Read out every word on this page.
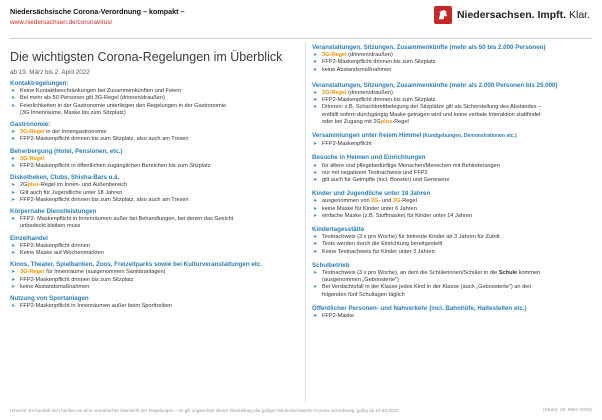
Niedersächsische Corona-Verordnung – kompakt –
www.niedersachsen.de/coronavirus/
Niedersachsen. Impft. Klar.
Die wichtigsten Corona-Regelungen im Überblick
ab 19. März bis 2. April 2022
Kontaktregelungen:
➤ Keine Kontaktbeschränkungen bei Zusammenkünften und Feiern
➤ Bei mehr als 50 Personen gilt 3G-Regel (drinnen/draußen)
➤ Feierlichkeiten in der Gastronomie unterliegen den Regelungen in der Gastronomie
(3G Innenräume, Maske bis zum Sitzplatz)
Gastronomie:
➤ 3G-Regel in der Innengastronomie
➤ FFP2-Maskenpflicht drinnen bis zum Sitzplatz, also auch am Tresen
Beherbergung (Hotel, Pensionen, etc.)
➤ 3G-Regel
➤ FFP2-Maskenpflicht in öffentlichen zugänglichen Bereichen bis zum Sitzplatz
Diskotheken, Clubs, Shisha-Bars u.ä.
➤ 2Gplus-Regel im Innen- und Außenbereich
➤ Gilt auch für Jugendliche unter 18 Jahren
➤ FFP2-Maskenpflicht drinnen bis zum Sitzplatz, also auch am Tresen
Körpernahe Dienstleistungen
➤ FFP2- Maskenpflicht in Innenräumen außer bei Behandlungen, bei denen das Gesicht
unbedeckt bleiben muss
Einzelhandel
➤ FFP2-Maskenpflicht drinnen
➤ Keine Maske auf Wochenmärkten
Kinos, Theater, Spielbanken, Zoos, Freizeitparks sowie bei Kulturveranstaltungen etc.
➤ 3G-Regel für Innenräume (ausgenommen Sanitäranlagen)
➤ FFP2-Maskenpflicht drinnen bis zum Sitzplatz
➤ keine Abstandsmaßnahmen
Nutzung von Sportanlagen
➤ FFP2-Maskenpflicht in Innenräumen außer beim Sporttreiben
Veranstaltungen, Sitzungen, Zusammenkünfte (mehr als 50 bis 2.000 Personen)
➤ 3G-Regel (drinnen/draußen)
➤ FFP2-Maskenpflicht drinnen bis zum Sitzplatz
➤ keine Abstandsmaßnahmen
Veranstaltungen, Sitzungen, Zusammenkünfte (mehr als 2.000 Personen bis 25.000)
➤ 2G-Regel (drinnen/draußen)
➤ FFP2-Maskenpflicht drinnen bis zum Sitzplatz
➤ Drinnen: z.B. Schachbrettbelegung der Sitzplätze gilt als Sicherstellung des Abstandes –
entfällt sofern durchgängig Maske getragen wird und keine verbale Interaktion stattfindet
oder bei Zugang mit 2Gplus-Regel
Versammlungen unter freiem Himmel (Kundgebungen, Demonstrationen etc.)
➤ FFP2-Maskenpflicht
Besuche in Heimen und Einrichtungen
➤ für ältere und pflegebedürftige Menschen/Menschen mit Behinderungen
➤ nur mit negativem Testnachweis und FFP2
➤ gilt auch für Geimpfte (incl. Booster) und Genesene
Kinder und Jugendliche unter 18 Jahren
➤ ausgenommen von 2G- und 3G-Regel
➤ keine Maske für Kinder unter 6 Jahren
➤ einfache Maske (z.B. Stoffmaske) für Kinder unter 14 Jahren
Kindertagesstätte
➤ Testnachweis (3 x pro Woche) für betreute Kinder ab 3 Jahren für Zutritt
➤ Tests werden durch die Einrichtung bereitgestellt
➤ Keine Testnachweis für Kinder unter 3 Jahren
Schulbetrieb
➤ Testnachweis (3 x pro Woche), an dem die Schülerinnen/Schüler in die Schule kommen
(ausgenommen „Geboosterte")
➤ Bei Verdachtsfall in der Klasse jedes Kind in der Klasse (auch „Geboosterte") an den
folgenden fünf Schultagen täglich
Öffentlicher Personen- und Nahverkehr (incl. Bahnhöfe, Haltestellen etc.)
➤ FFP2-Maske
Hinweis: Es handelt sich hierbei um eine vereinfachte Übersicht der Regelungen – es gilt ungeachtet dieser Darstellung die gültige Niedersächsische Corona-Verordnung, gültig ab 19.03.2022	(Stand: 19. März 2022)
